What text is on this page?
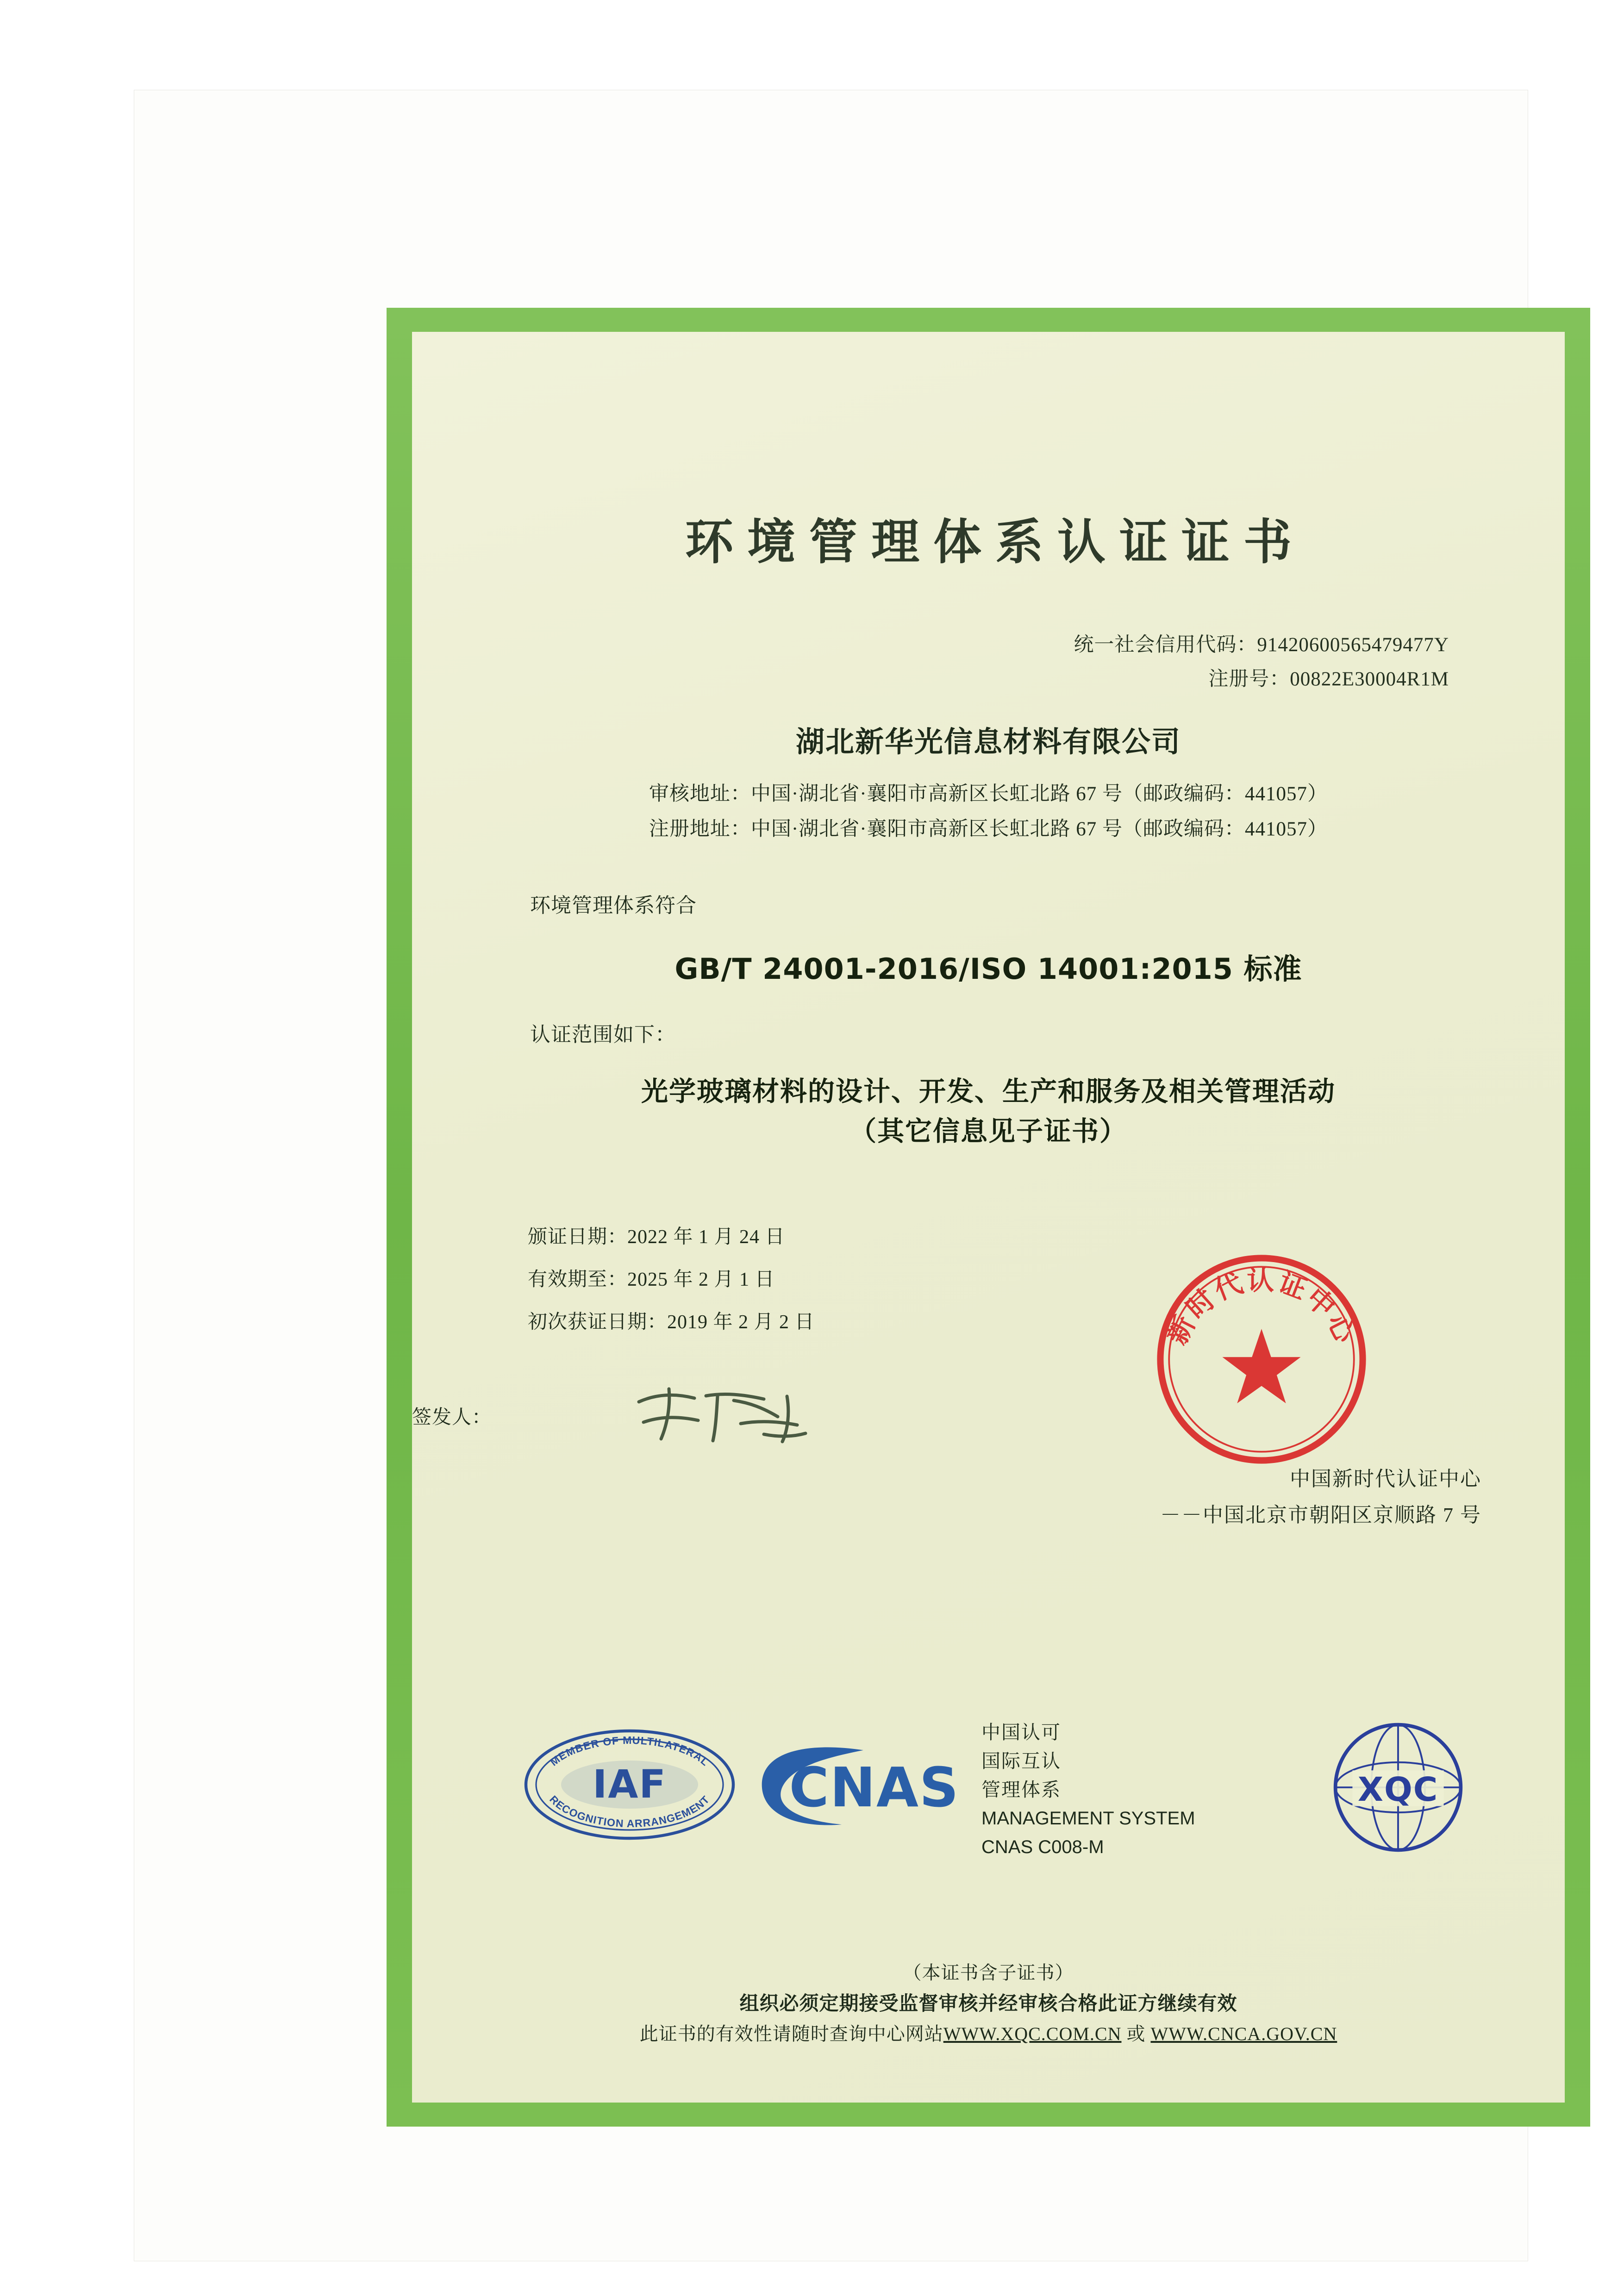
环境管理体系认证证书
统一社会信用代码：91420600565479477Y
注册号：00822E30004R1M
湖北新华光信息材料有限公司
审核地址：中国·湖北省·襄阳市高新区长虹北路 67 号（邮政编码：441057）
注册地址：中国·湖北省·襄阳市高新区长虹北路 67 号（邮政编码：441057）
环境管理体系符合
GB/T 24001-2016/ISO 14001:2015 标准
认证范围如下：
光学玻璃材料的设计、开发、生产和服务及相关管理活动
（其它信息见子证书）
颁证日期：2022 年 1 月 24 日
有效期至：2025 年 2 月 1 日
初次获证日期：2019 年 2 月 2 日
签发人：
中国新时代认证中心
－－中国北京市朝阳区京顺路 7 号
新时代认证中心
MEMBER OF MULTILATERAL
RECOGNITION ARRANGEMENT
IAF	CNAS
中国认可
国际互认
管理体系
MANAGEMENT SYSTEM
CNAS C008-M
XQC
（本证书含子证书）
组织必须定期接受监督审核并经审核合格此证方继续有效
此证书的有效性请随时查询中心网站WWW.XQC.COM.CN 或 WWW.CNCA.GOV.CN
